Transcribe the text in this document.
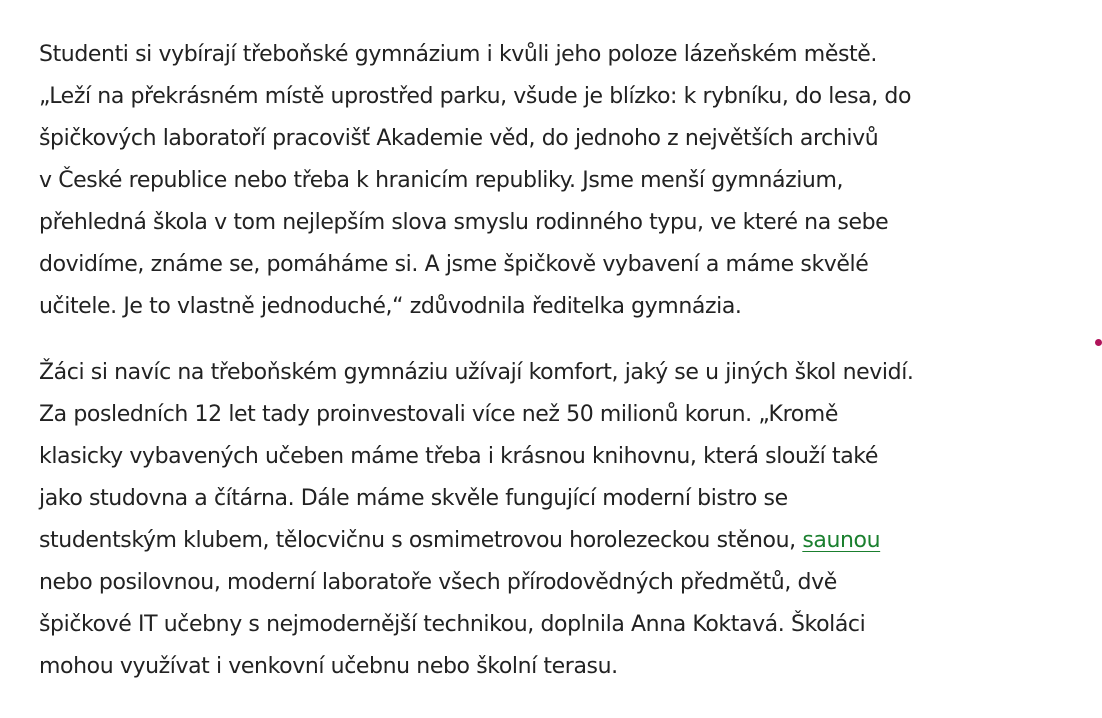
Studenti si vybírají třeboňské gymnázium i kvůli jeho poloze lázeňském městě.
„Leží na překrásném místě uprostřed parku, všude je blízko: k rybníku, do lesa, do
špičkových laboratoří pracovišť Akademie věd, do jednoho z největších archivů
v České republice nebo třeba k hranicím republiky. Jsme menší gymnázium,
přehledná škola v tom nejlepším slova smyslu rodinného typu, ve které na sebe
dovidíme, známe se, pomáháme si. A jsme špičkově vybavení a máme skvělé
učitele. Je to vlastně jednoduché,“ zdůvodnila ředitelka gymnázia.

Žáci si navíc na třeboňském gymnáziu užívají komfort, jaký se u jiných škol nevidí.
Za posledních 12 let tady proinvestovali více než 50 milionů korun. „Kromě
klasicky vybavených učeben máme třeba i krásnou knihovnu, která slouží také
jako studovna a čítárna. Dále máme skvěle fungující moderní bistro se
studentským klubem, tělocvičnu s osmimetrovou horolezeckou stěnou, saunou
nebo posilovnou, moderní laboratoře všech přírodovědných předmětů, dvě
špičkové IT učebny s nejmodernější technikou, doplnila Anna Koktavá. Školáci
mohou využívat i venkovní učebnu nebo školní terasu.
